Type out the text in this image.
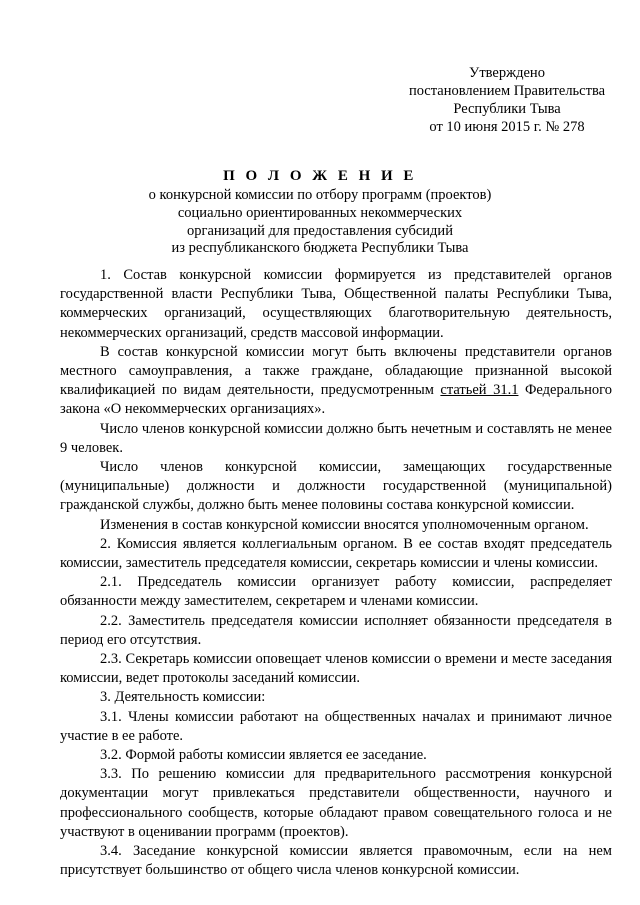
Утверждено
постановлением Правительства
Республики Тыва
от 10 июня 2015 г. № 278
П О Л О Ж Е Н И Е
о конкурсной комиссии по отбору программ (проектов)
социально ориентированных некоммерческих
организаций для предоставления субсидий
из республиканского бюджета Республики Тыва

1. Состав конкурсной комиссии формируется из представителей органов государственной власти Республики Тыва, Общественной палаты Республики Тыва, коммерческих организаций, осуществляющих благотворительную деятельность, некоммерческих организаций, средств массовой информации.

В состав конкурсной комиссии могут быть включены представители органов местного самоуправления, а также граждане, обладающие признанной высокой квалификацией по видам деятельности, предусмотренным статьей 31.1 Федерального закона «О некоммерческих организациях».

Число членов конкурсной комиссии должно быть нечетным и составлять не менее 9 человек.

Число членов конкурсной комиссии, замещающих государственные (муниципальные) должности и должности государственной (муниципальной) гражданской службы, должно быть менее половины состава конкурсной комиссии.

Изменения в состав конкурсной комиссии вносятся уполномоченным органом.

2. Комиссия является коллегиальным органом. В ее состав входят председатель комиссии, заместитель председателя комиссии, секретарь комиссии и члены комиссии.

2.1. Председатель комиссии организует работу комиссии, распределяет обязанности между заместителем, секретарем и членами комиссии.

2.2. Заместитель председателя комиссии исполняет обязанности председателя в период его отсутствия.

2.3. Секретарь комиссии оповещает членов комиссии о времени и месте заседания комиссии, ведет протоколы заседаний комиссии.

3. Деятельность комиссии:

3.1. Члены комиссии работают на общественных началах и принимают личное участие в ее работе.

3.2. Формой работы комиссии является ее заседание.

3.3. По решению комиссии для предварительного рассмотрения конкурсной документации могут привлекаться представители общественности, научного и профессионального сообществ, которые обладают правом совещательного голоса и не участвуют в оценивании программ (проектов).

3.4. Заседание конкурсной комиссии является правомочным, если на нем присутствует большинство от общего числа членов конкурсной комиссии.
